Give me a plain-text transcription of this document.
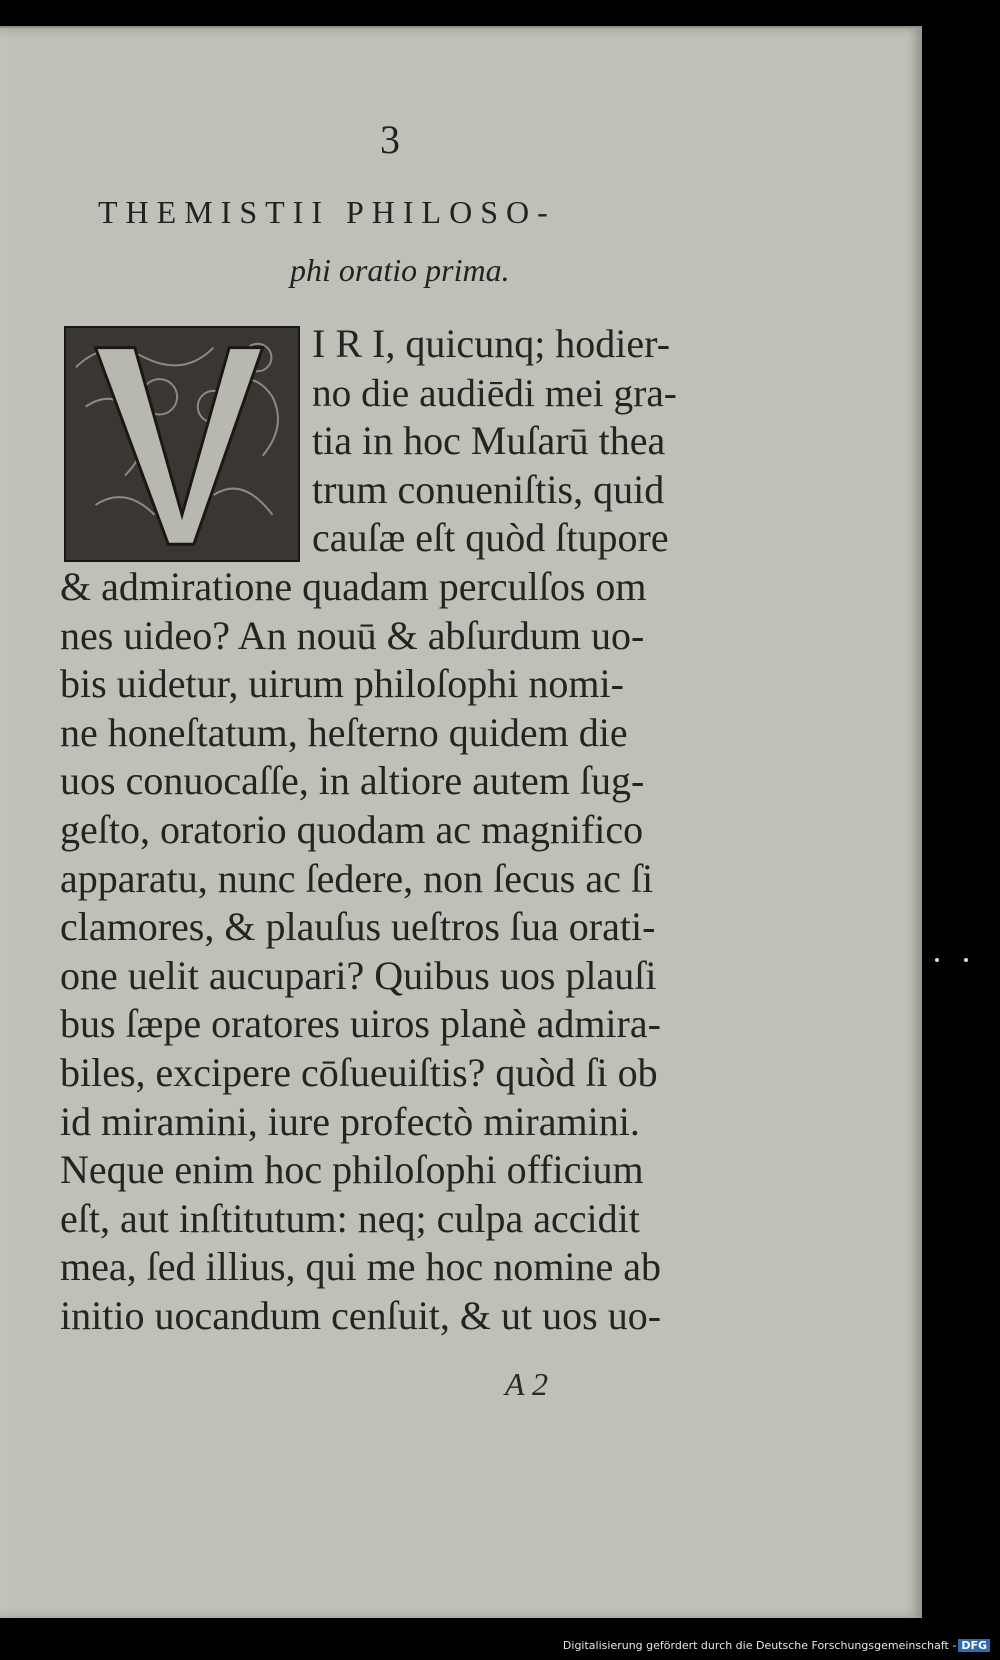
3
THEMISTII PHILOSO-
phi oratio prima.
I R I, quicunq; hodier-
no die audiēdi mei gra-
tia in hoc Muſarū thea
trum conueniſtis, quid
cauſæ eſt quòd ſtupore
& admiratione quadam perculſos om
nes uideo? An nouū & abſurdum uo-
bis uidetur, uirum philoſophi nomi-
ne honeſtatum, heſterno quidem die
uos conuocaſſe, in altiore autem ſug-
geſto, oratorio quodam ac magnifico
apparatu, nunc ſedere, non ſecus ac ſi
clamores, & plauſus ueſtros ſua orati-
one uelit aucupari? Quibus uos plauſi
bus ſæpe oratores uiros planè admira-
biles, excipere cōſueuiſtis? quòd ſi ob
id miramini, iure profectò miramini.
Neque enim hoc philoſophi officium
eſt, aut inſtitutum: neq; culpa accidit
mea, ſed illius, qui me hoc nomine ab
initio uocandum cenſuit, & ut uos uo-
A 2
Digitalisierung gefördert durch die Deutsche Forschungsgemeinschaft - DFG
